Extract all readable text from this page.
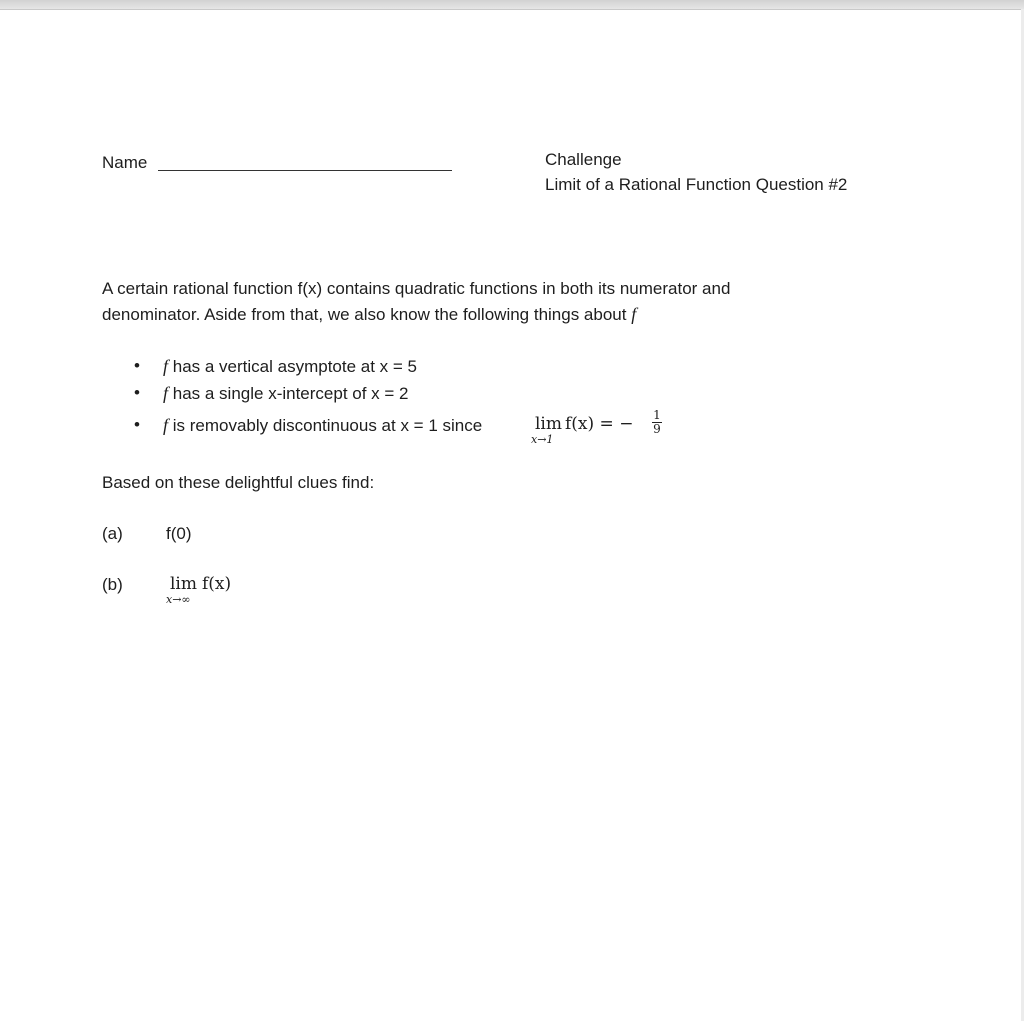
Name	Challenge
Limit of a Rational Function Question #2
A certain rational function f(x) contains quadratic functions in both its numerator and
denominator. Aside from that, we also know the following things about f
• f has a vertical asymptote at x = 5
• f has a single x-intercept of x = 2
• f is removably discontinuous at x = 1 since	lim
x→1
f(x) = − 1
9
Based on these delightful clues find:
(a)	f(0)
(b)	lim
x→∞
f(x)
